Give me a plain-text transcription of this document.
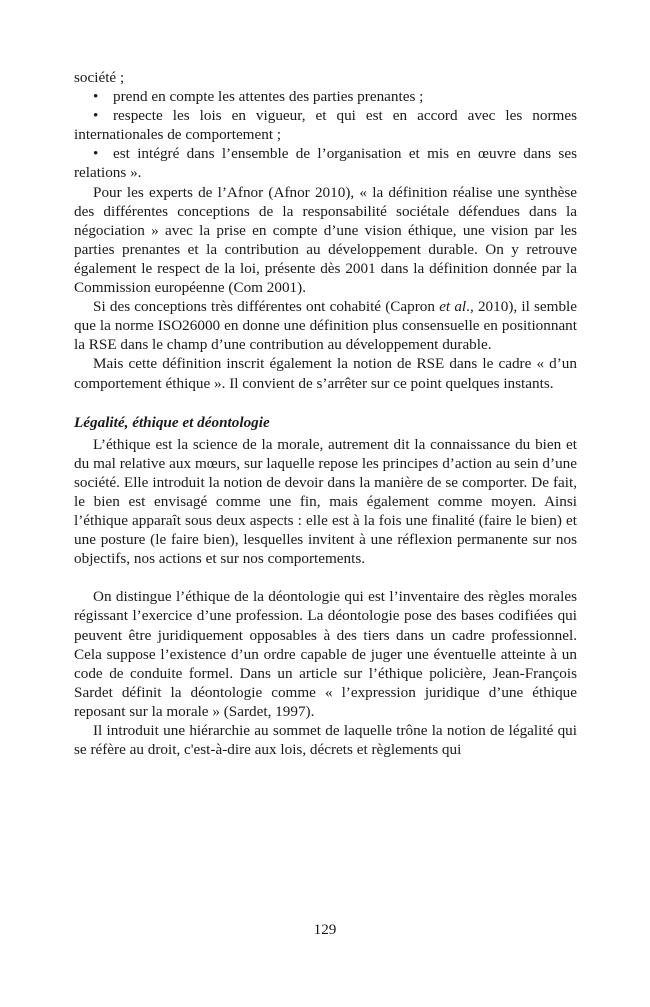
société ;

• prend en compte les attentes des parties prenantes ;

• respecte les lois en vigueur, et qui est en accord avec les normes internationales de comportement ;

• est intégré dans l’ensemble de l’organisation et mis en œuvre dans ses relations ».

Pour les experts de l’Afnor (Afnor 2010), « la définition réalise une synthèse des différentes conceptions de la responsabilité sociétale défendues dans la négociation » avec la prise en compte d’une vision éthique, une vision par les parties prenantes et la contribution au développement durable. On y retrouve également le respect de la loi, présente dès 2001 dans la définition donnée par la Commission européenne (Com 2001).

Si des conceptions très différentes ont cohabité (Capron et al., 2010), il semble que la norme ISO26000 en donne une définition plus consensuelle en positionnant la RSE dans le champ d’une contribution au développement durable.

Mais cette définition inscrit également la notion de RSE dans le cadre « d’un comportement éthique ». Il convient de s’arrêter sur ce point quelques instants.

Légalité, éthique et déontologie

L’éthique est la science de la morale, autrement dit la connaissance du bien et du mal relative aux mœurs, sur laquelle repose les principes d’action au sein d’une société. Elle introduit la notion de devoir dans la manière de se comporter. De fait, le bien est envisagé comme une fin, mais également comme moyen. Ainsi l’éthique apparaît sous deux aspects : elle est à la fois une finalité (faire le bien) et une posture (le faire bien), lesquelles invitent à une réflexion permanente sur nos objectifs, nos actions et sur nos comportements.

On distingue l’éthique de la déontologie qui est l’inventaire des règles morales régissant l’exercice d’une profession. La déontologie pose des bases codifiées qui peuvent être juridiquement opposables à des tiers dans un cadre professionnel. Cela suppose l’existence d’un ordre capable de juger une éventuelle atteinte à un code de conduite formel. Dans un article sur l’éthique policière, Jean-François Sardet définit la déontologie comme « l’expression juridique d’une éthique reposant sur la morale » (Sardet, 1997).

Il introduit une hiérarchie au sommet de laquelle trône la notion de légalité qui se réfère au droit, c'est-à-dire aux lois, décrets et règlements qui

129
